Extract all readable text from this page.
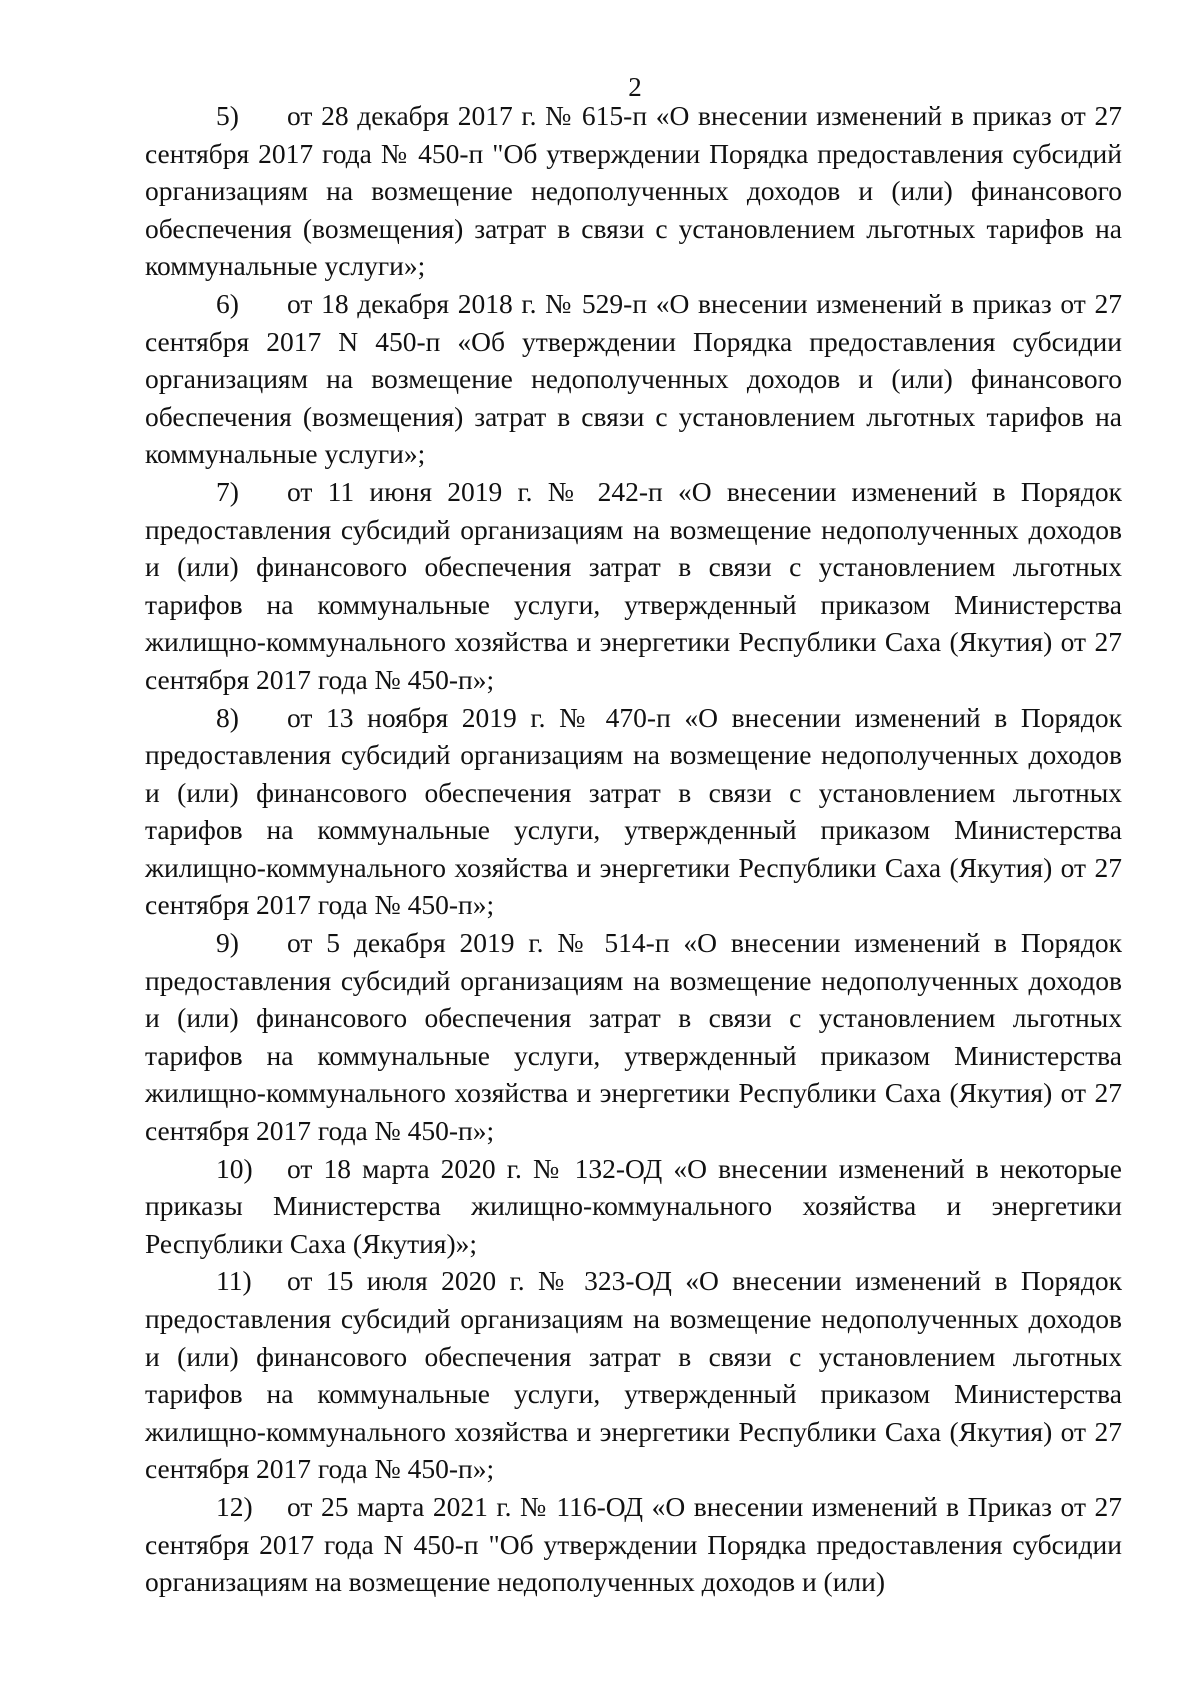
2

5) от 28 декабря 2017 г. № 615-п «О внесении изменений в приказ от 27 сентября 2017 года № 450-п "Об утверждении Порядка предоставления субсидий организациям на возмещение недополученных доходов и (или) финансового обеспечения (возмещения) затрат в связи с установлением льготных тарифов на коммунальные услуги»;

6) от 18 декабря 2018 г. № 529-п «О внесении изменений в приказ от 27 сентября 2017 N 450-п «Об утверждении Порядка предоставления субсидии организациям на возмещение недополученных доходов и (или) финансового обеспечения (возмещения) затрат в связи с установлением льготных тарифов на коммунальные услуги»;

7) от 11 июня 2019 г. № 242-п «О внесении изменений в Порядок предоставления субсидий организациям на возмещение недополученных доходов и (или) финансового обеспечения затрат в связи с установлением льготных тарифов на коммунальные услуги, утвержденный приказом Министерства жилищно-коммунального хозяйства и энергетики Республики Саха (Якутия) от 27 сентября 2017 года № 450-п»;

8) от 13 ноября 2019 г. № 470-п «О внесении изменений в Порядок предоставления субсидий организациям на возмещение недополученных доходов и (или) финансового обеспечения затрат в связи с установлением льготных тарифов на коммунальные услуги, утвержденный приказом Министерства жилищно-коммунального хозяйства и энергетики Республики Саха (Якутия) от 27 сентября 2017 года № 450-п»;

9) от 5 декабря 2019 г. № 514-п «О внесении изменений в Порядок предоставления субсидий организациям на возмещение недополученных доходов и (или) финансового обеспечения затрат в связи с установлением льготных тарифов на коммунальные услуги, утвержденный приказом Министерства жилищно-коммунального хозяйства и энергетики Республики Саха (Якутия) от 27 сентября 2017 года № 450-п»;

10) от 18 марта 2020 г. № 132-ОД «О внесении изменений в некоторые приказы Министерства жилищно-коммунального хозяйства и энергетики Республики Саха (Якутия)»;

11) от 15 июля 2020 г. № 323-ОД «О внесении изменений в Порядок предоставления субсидий организациям на возмещение недополученных доходов и (или) финансового обеспечения затрат в связи с установлением льготных тарифов на коммунальные услуги, утвержденный приказом Министерства жилищно-коммунального хозяйства и энергетики Республики Саха (Якутия) от 27 сентября 2017 года № 450-п»;

12) от 25 марта 2021 г. № 116-ОД «О внесении изменений в Приказ от 27 сентября 2017 года N 450-п "Об утверждении Порядка предоставления субсидии организациям на возмещение недополученных доходов и (или)
